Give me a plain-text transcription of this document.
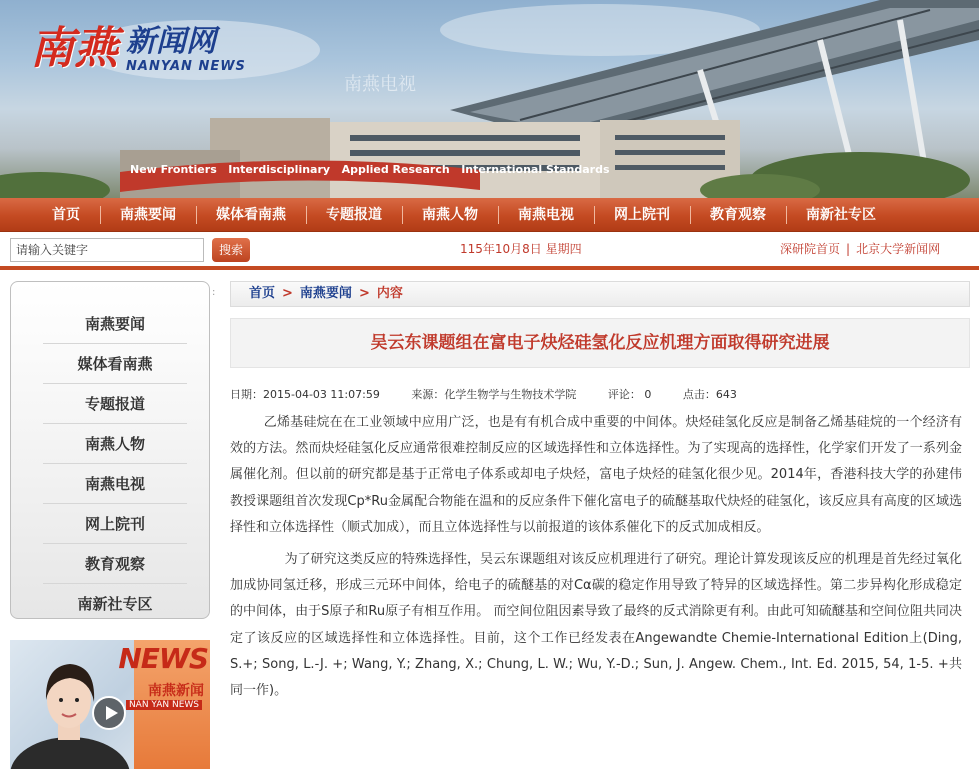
New Frontiers Interdisciplinary Applied Research International Standards
南燕电视
南燕 新闻网
NANYAN NEWS
首页	南燕要闻	媒体看南燕	专题报道	南燕人物	南燕电视	网上院刊	教育观察	南新社专区
请输入关键字
搜索	115年10月8日 星期四	深研院首页 | 北京大学新闻网
南燕要闻
媒体看南燕
专题报道
南燕人物
南燕电视
网上院刊
教育观察
南新社专区
NEWS
南燕新闻
NAN YAN NEWS
:	首页 > 南燕要闻 > 内容
吴云东课题组在富电子炔烃硅氢化反应机理方面取得研究进展
日期：2015-04-03 11:07:59	来源：化学生物学与生物技术学院	评论： 0	点击：643

乙烯基硅烷在在工业领域中应用广泛，也是有有机合成中重要的中间体。炔烃硅氢化反应是制备乙烯基硅烷的一个经济有效的方法。然而炔烃硅氢化反应通常很难控制反应的区域选择性和立体选择性。为了实现高的选择性，化学家们开发了一系列金属催化剂。但以前的研究都是基于正常电子体系或却电子炔烃，富电子炔烃的硅氢化很少见。2014年，香港科技大学的孙建伟教授课题组首次发现Cp*Ru金属配合物能在温和的反应条件下催化富电子的硫醚基取代炔烃的硅氢化，该反应具有高度的区域选择性和立体选择性（顺式加成），而且立体选择性与以前报道的该体系催化下的反式加成相反。

为了研究这类反应的特殊选择性，吴云东课题组对该反应机理进行了研究。理论计算发现该反应的机理是首先经过氧化加成协同氢迁移，形成三元环中间体，给电子的硫醚基的对Cα碳的稳定作用导致了特异的区域选择性。第二步异构化形成稳定的中间体，由于S原子和Ru原子有相互作用。 而空间位阻因素导致了最终的反式消除更有利。由此可知硫醚基和空间位阻共同决定了该反应的区域选择性和立体选择性。目前，这个工作已经发表在Angewandte Chemie-International Edition上(Ding, S.+; Song, L.-J. +; Wang, Y.; Zhang, X.; Chung, L. W.; Wu, Y.-D.; Sun, J. Angew. Chem., Int. Ed. 2015, 54, 1-5. +共同一作)。
